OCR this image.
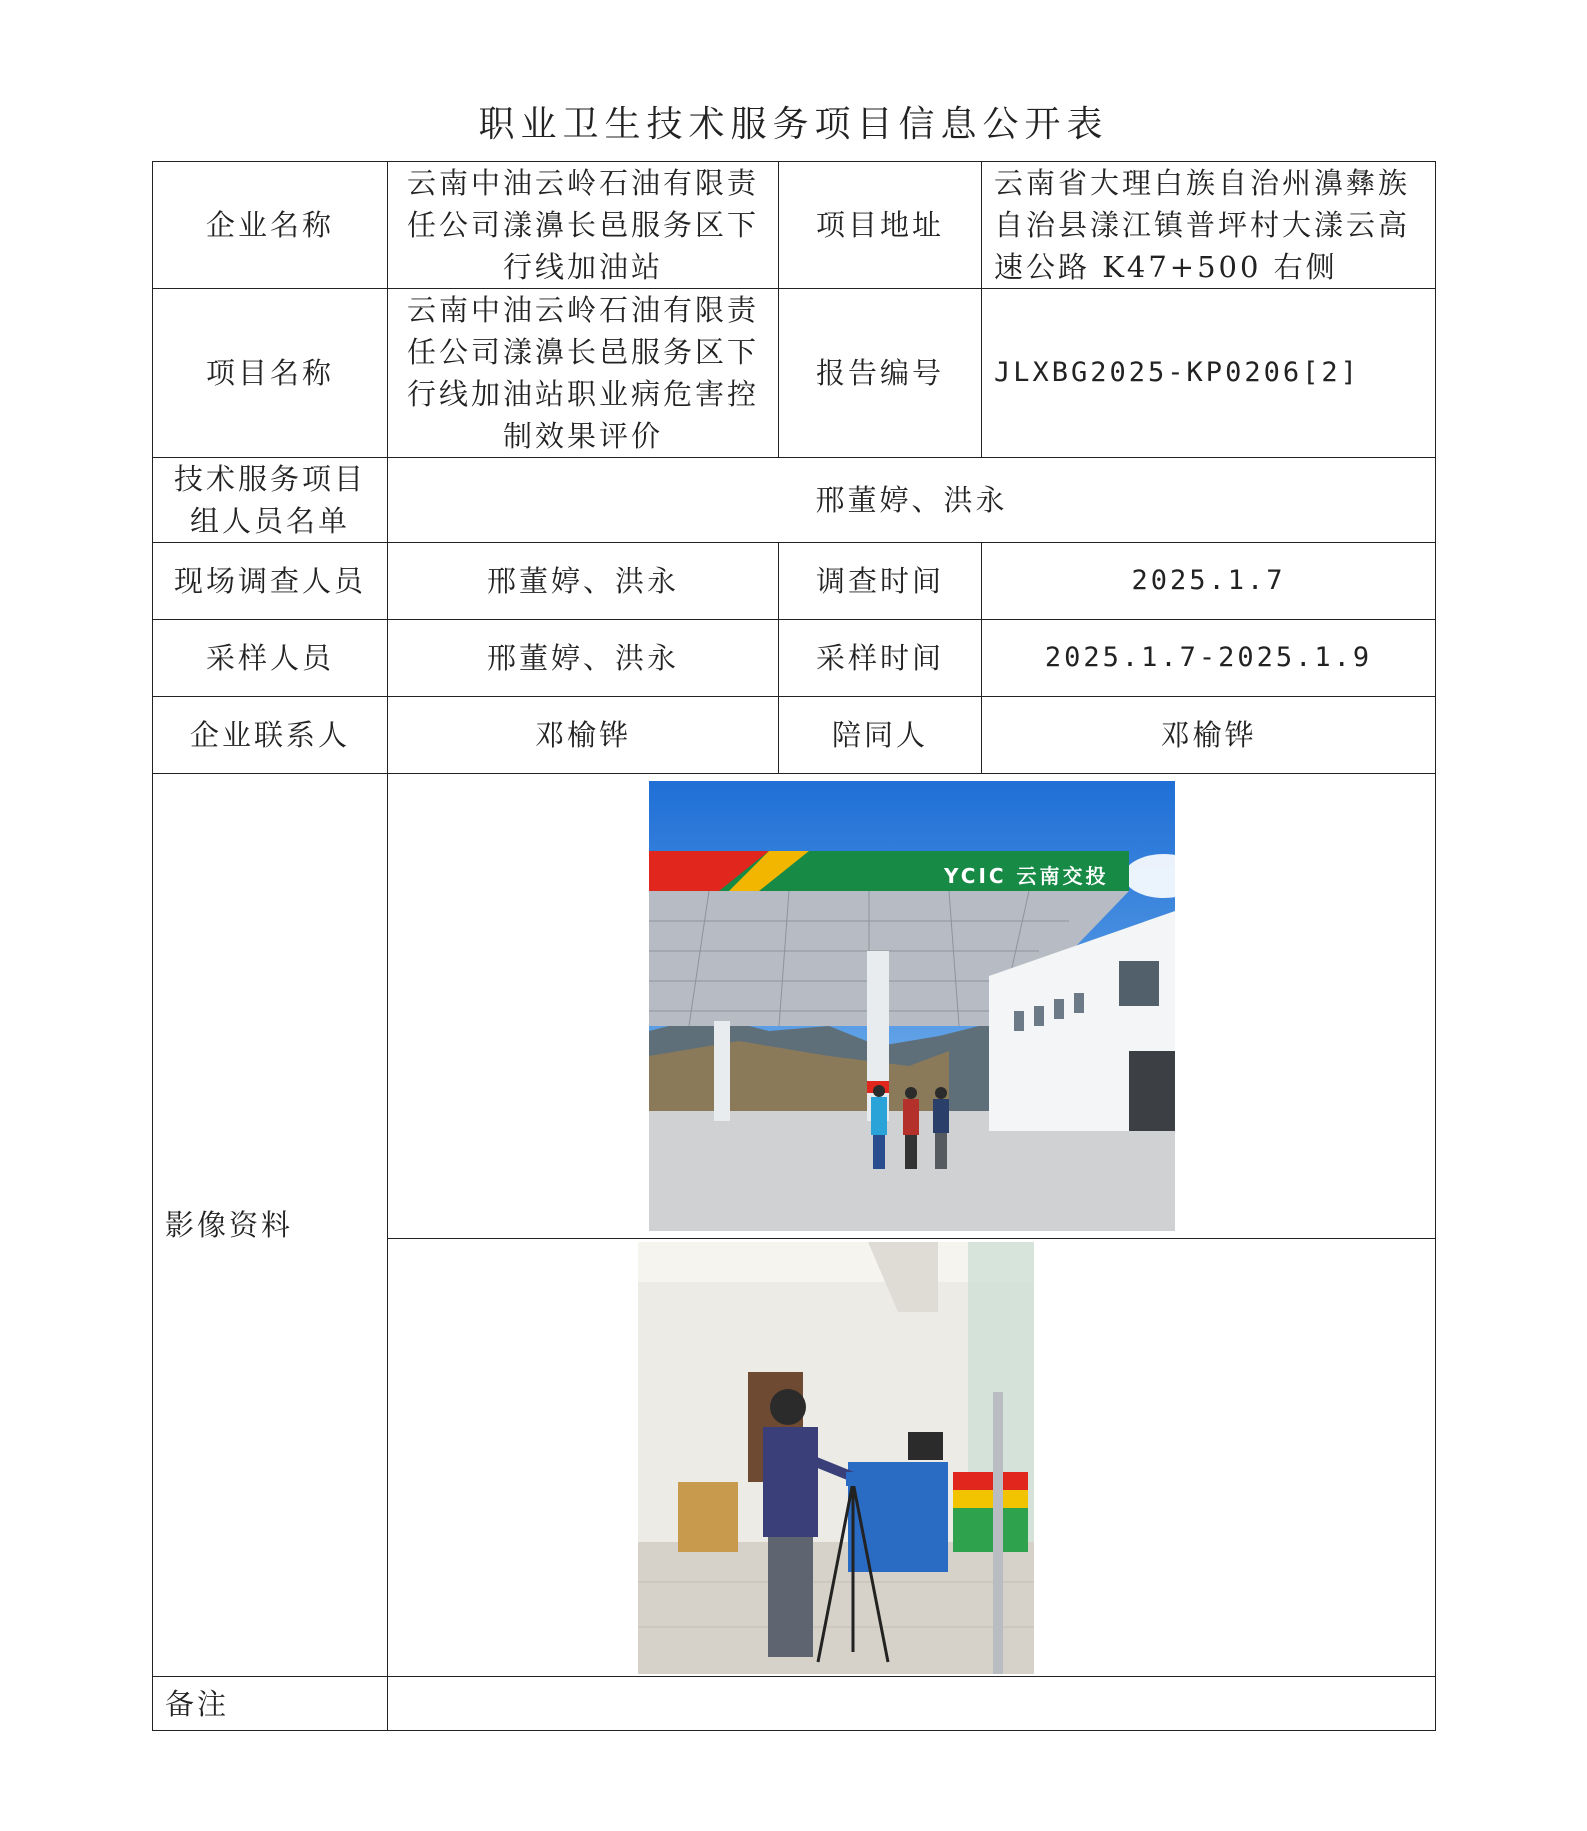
职业卫生技术服务项目信息公开表
企业名称	云南中油云岭石油有限责任公司漾濞长邑服务区下行线加油站	项目地址	云南省大理白族自治州濞彝族自治县漾江镇普坪村大漾云高速公路 K47+500 右侧
项目名称	云南中油云岭石油有限责任公司漾濞长邑服务区下行线加油站职业病危害控制效果评价	报告编号	JLXBG2025-KP0206[2]
技术服务项目组人员名单	邢董婷、洪永		
现场调查人员	邢董婷、洪永	调查时间	2025.1.7
采样人员	邢董婷、洪永	采样时间	2025.1.7-2025.1.9
企业联系人	邓榆铧	陪同人	邓榆铧
影像资料	YCIC 云南交投		

备注			
